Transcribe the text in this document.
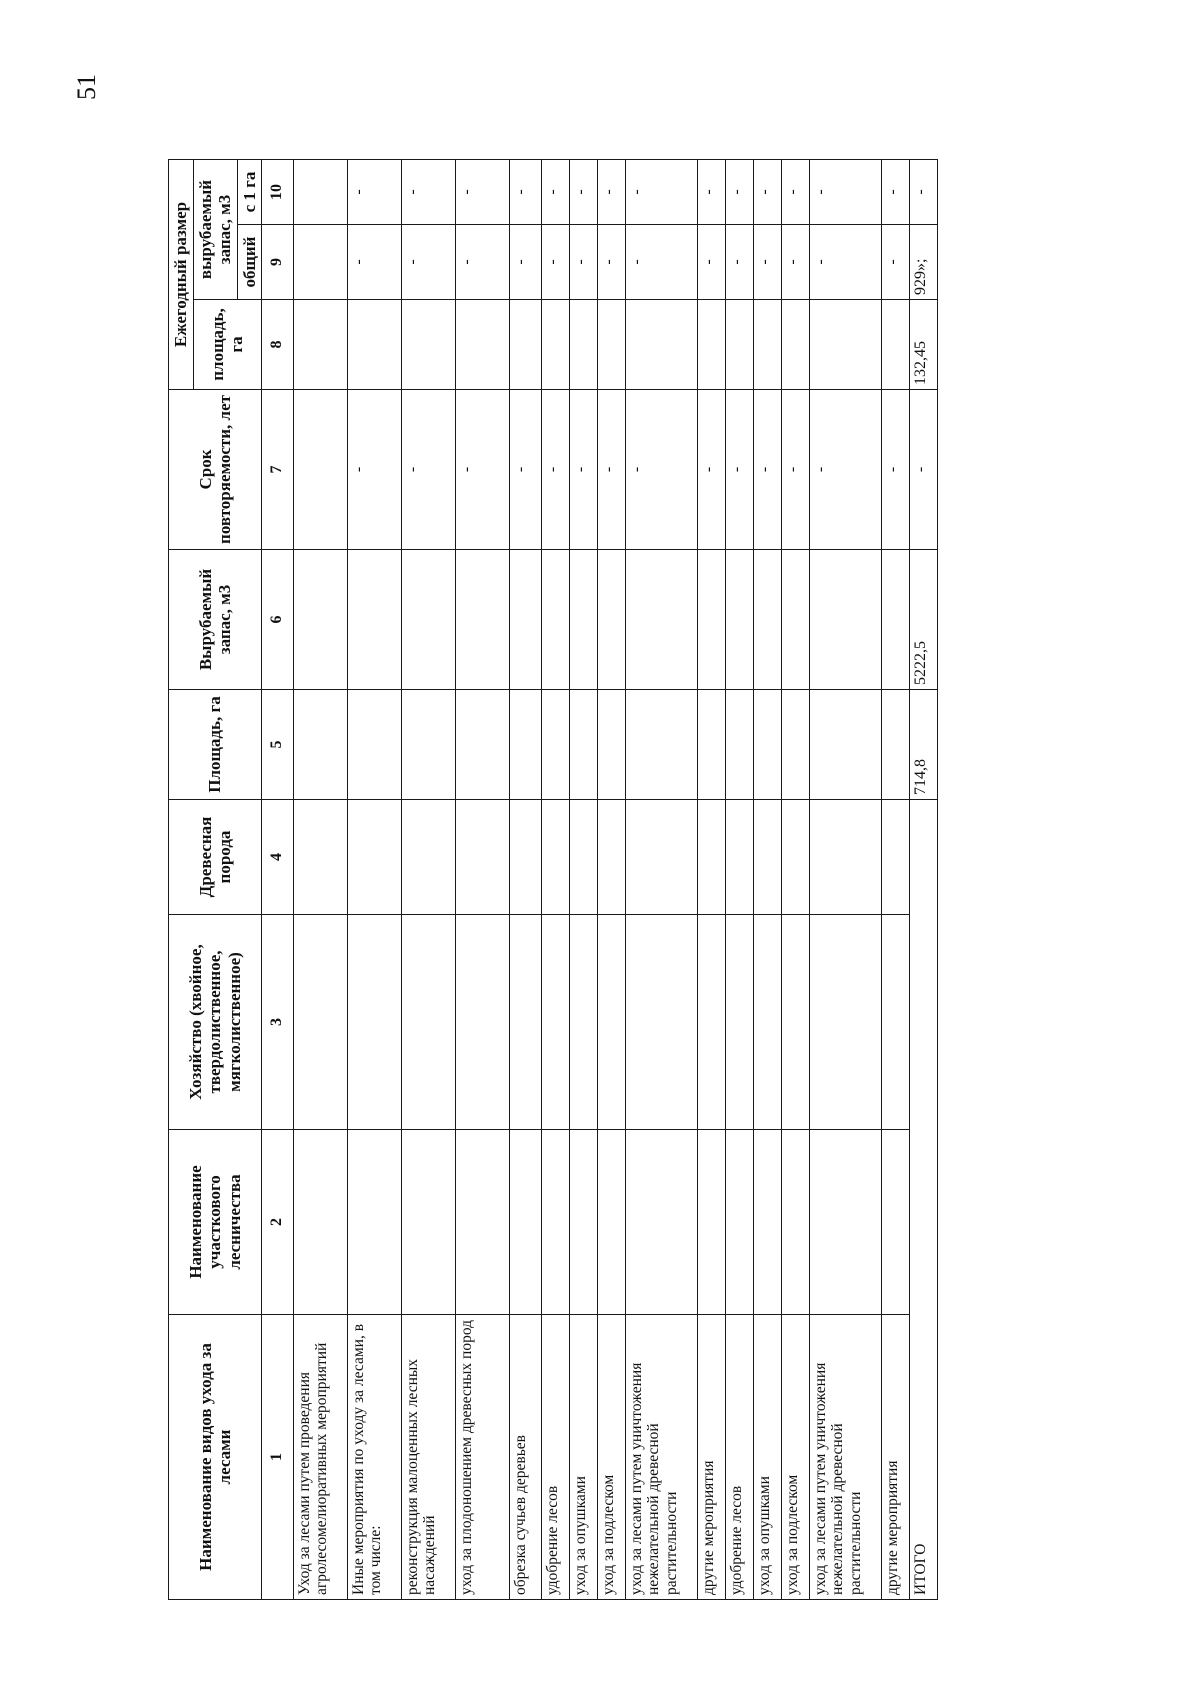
51
Наименование видов ухода за лесами	Наименование участкового лесничества	Хозяйство (хвойное, твердолиственное, мягколиственное)	Древесная порода	Площадь, га	Вырубаемый запас, м3	Срок повторяемости, лет	Ежегодный размер		
							площадь, га	вырубаемый запас, м3	
								общий	с 1 га
1	2	3	4	5	6	7	8	9	10
Уход за лесами путем проведения агролесомелиоративных мероприятий									
Иные мероприятия по уходу за лесами, в том числе:						-		-	-
реконструкция малоценных лесных насаждений						-		-	-
уход за плодоношением древесных пород						-		-	-
обрезка сучьев деревьев						-		-	-
удобрение лесов						-		-	-
уход за опушками						-		-	-
уход за подлеском						-		-	-
уход за лесами путем уничтожения нежелательной древесной растительности						-		-	-
другие мероприятия						-		-	-
удобрение лесов						-		-	-
уход за опушками						-		-	-
уход за подлеском						-		-	-
уход за лесами путем уничтожения нежелательной древесной растительности						-		-	-
другие мероприятия						-		-	-
ИТОГО				714,8	5222,5	-	132,45	929»;	-
